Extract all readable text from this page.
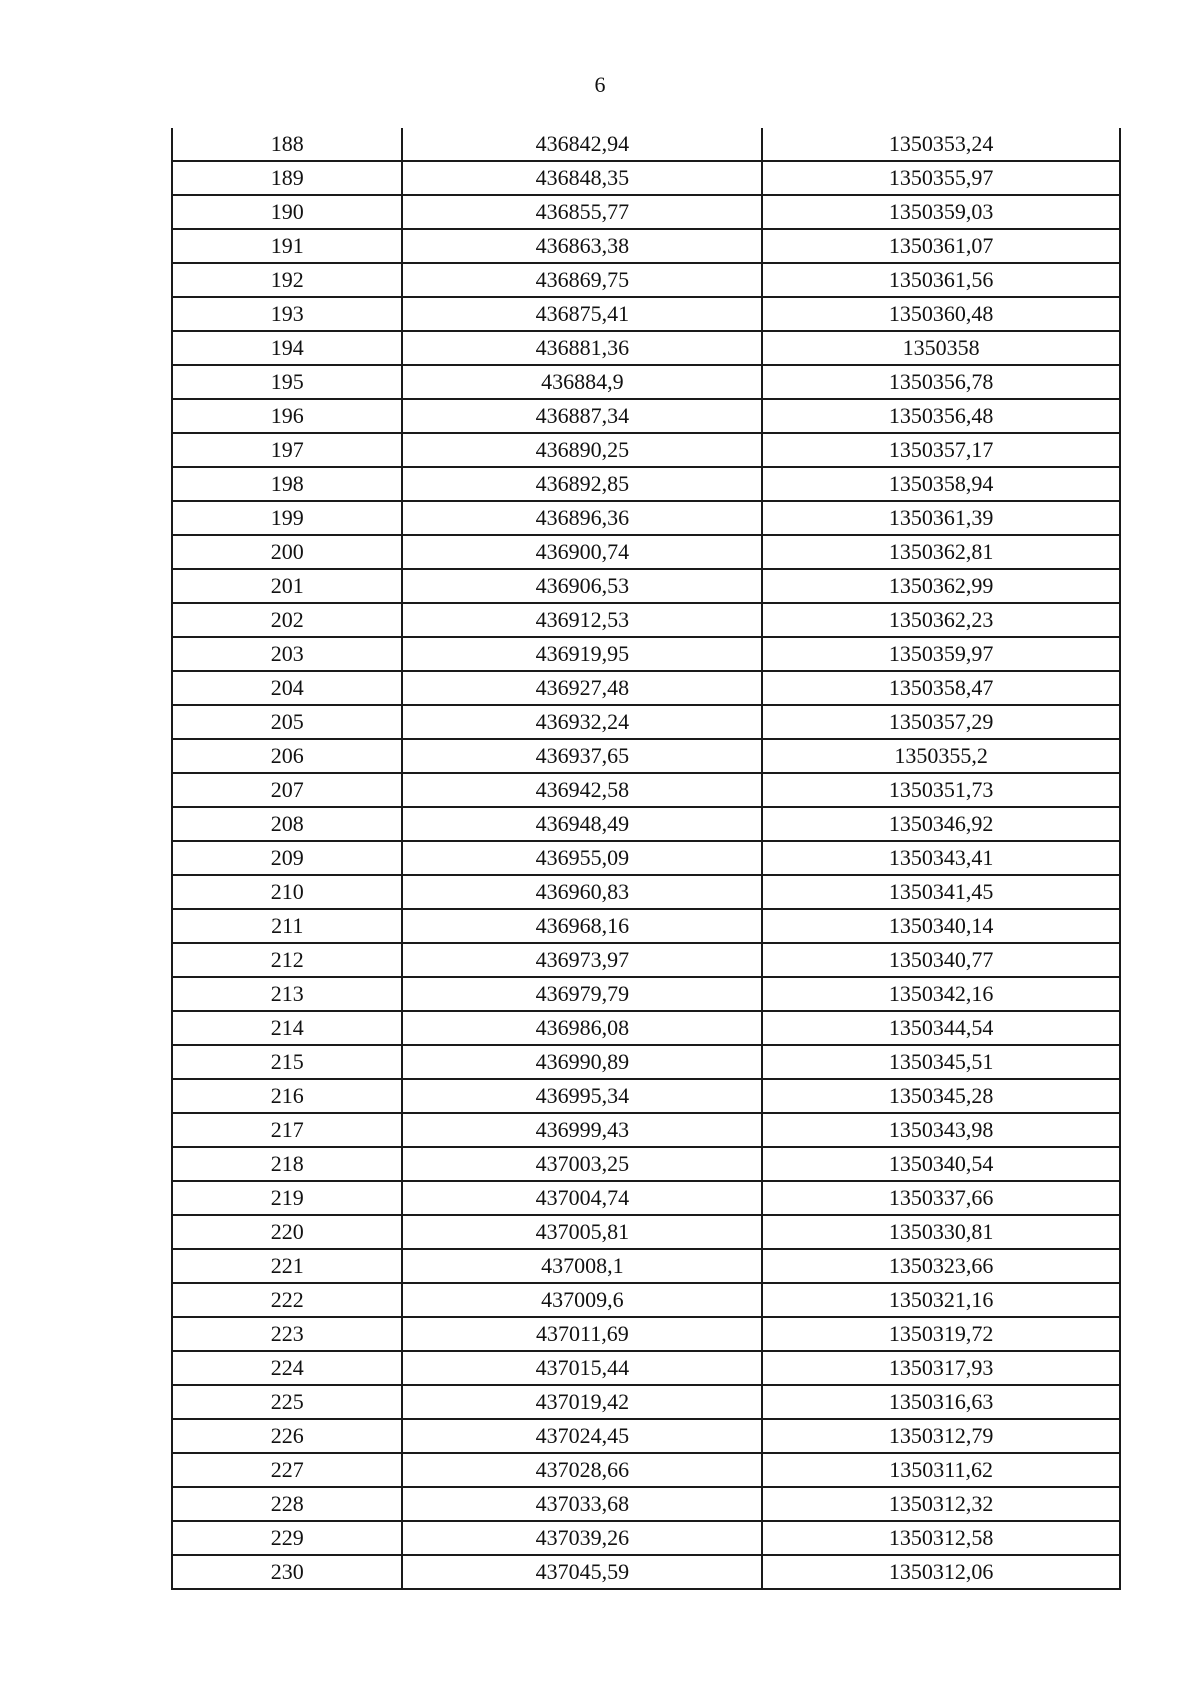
6
188	436842,94	1350353,24
189	436848,35	1350355,97
190	436855,77	1350359,03
191	436863,38	1350361,07
192	436869,75	1350361,56
193	436875,41	1350360,48
194	436881,36	1350358
195	436884,9	1350356,78
196	436887,34	1350356,48
197	436890,25	1350357,17
198	436892,85	1350358,94
199	436896,36	1350361,39
200	436900,74	1350362,81
201	436906,53	1350362,99
202	436912,53	1350362,23
203	436919,95	1350359,97
204	436927,48	1350358,47
205	436932,24	1350357,29
206	436937,65	1350355,2
207	436942,58	1350351,73
208	436948,49	1350346,92
209	436955,09	1350343,41
210	436960,83	1350341,45
211	436968,16	1350340,14
212	436973,97	1350340,77
213	436979,79	1350342,16
214	436986,08	1350344,54
215	436990,89	1350345,51
216	436995,34	1350345,28
217	436999,43	1350343,98
218	437003,25	1350340,54
219	437004,74	1350337,66
220	437005,81	1350330,81
221	437008,1	1350323,66
222	437009,6	1350321,16
223	437011,69	1350319,72
224	437015,44	1350317,93
225	437019,42	1350316,63
226	437024,45	1350312,79
227	437028,66	1350311,62
228	437033,68	1350312,32
229	437039,26	1350312,58
230	437045,59	1350312,06
